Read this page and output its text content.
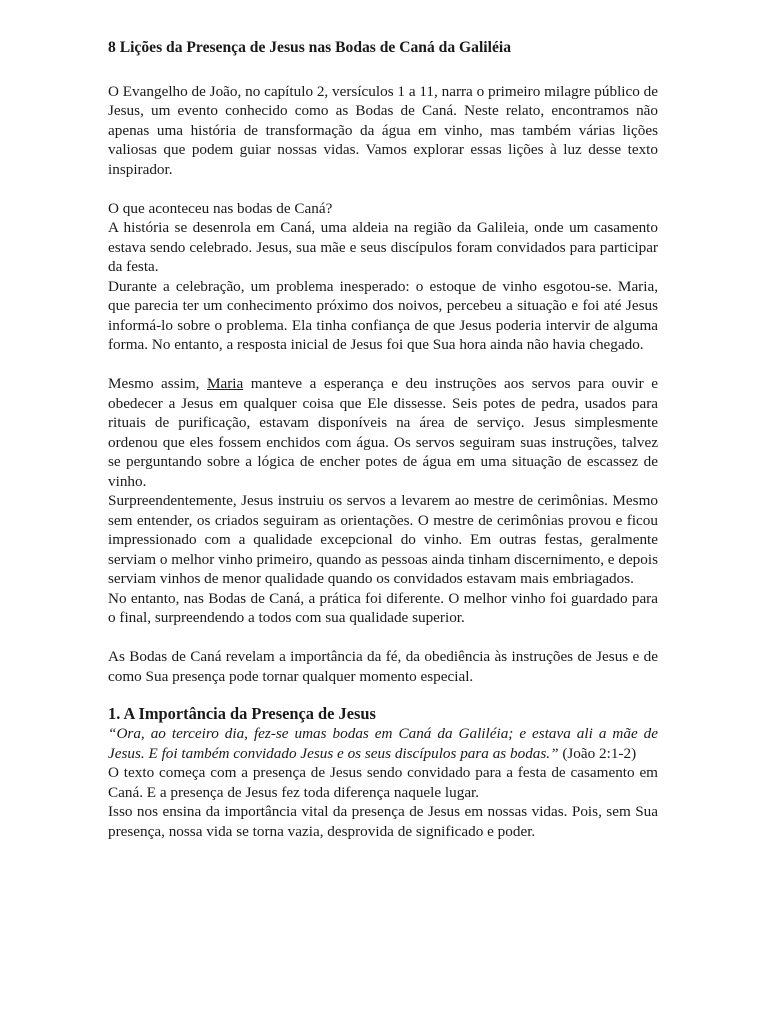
8 Lições da Presença de Jesus nas Bodas de Caná da Galiléia

O Evangelho de João, no capítulo 2, versículos 1 a 11, narra o primeiro milagre público de Jesus, um evento conhecido como as Bodas de Caná. Neste relato, encontramos não apenas uma história de transformação da água em vinho, mas também várias lições valiosas que podem guiar nossas vidas. Vamos explorar essas lições à luz desse texto inspirador.

O que aconteceu nas bodas de Caná?

A história se desenrola em Caná, uma aldeia na região da Galileia, onde um casamento estava sendo celebrado. Jesus, sua mãe e seus discípulos foram convidados para participar da festa.

Durante a celebração, um problema inesperado: o estoque de vinho esgotou-se. Maria, que parecia ter um conhecimento próximo dos noivos, percebeu a situação e foi até Jesus informá-lo sobre o problema. Ela tinha confiança de que Jesus poderia intervir de alguma forma. No entanto, a resposta inicial de Jesus foi que Sua hora ainda não havia chegado.

Mesmo assim, Maria manteve a esperança e deu instruções aos servos para ouvir e obedecer a Jesus em qualquer coisa que Ele dissesse. Seis potes de pedra, usados para rituais de purificação, estavam disponíveis na área de serviço. Jesus simplesmente ordenou que eles fossem enchidos com água. Os servos seguiram suas instruções, talvez se perguntando sobre a lógica de encher potes de água em uma situação de escassez de vinho.

Surpreendentemente, Jesus instruiu os servos a levarem ao mestre de cerimônias. Mesmo sem entender, os criados seguiram as orientações. O mestre de cerimônias provou e ficou impressionado com a qualidade excepcional do vinho. Em outras festas, geralmente serviam o melhor vinho primeiro, quando as pessoas ainda tinham discernimento, e depois serviam vinhos de menor qualidade quando os convidados estavam mais embriagados.

No entanto, nas Bodas de Caná, a prática foi diferente. O melhor vinho foi guardado para o final, surpreendendo a todos com sua qualidade superior.

As Bodas de Caná revelam a importância da fé, da obediência às instruções de Jesus e de como Sua presença pode tornar qualquer momento especial.

1. A Importância da Presença de Jesus

“Ora, ao terceiro dia, fez-se umas bodas em Caná da Galiléia; e estava ali a mãe de Jesus. E foi também convidado Jesus e os seus discípulos para as bodas.” (João 2:1-2)

O texto começa com a presença de Jesus sendo convidado para a festa de casamento em Caná. E a presença de Jesus fez toda diferença naquele lugar.

Isso nos ensina da importância vital da presença de Jesus em nossas vidas. Pois, sem Sua presença, nossa vida se torna vazia, desprovida de significado e poder.
